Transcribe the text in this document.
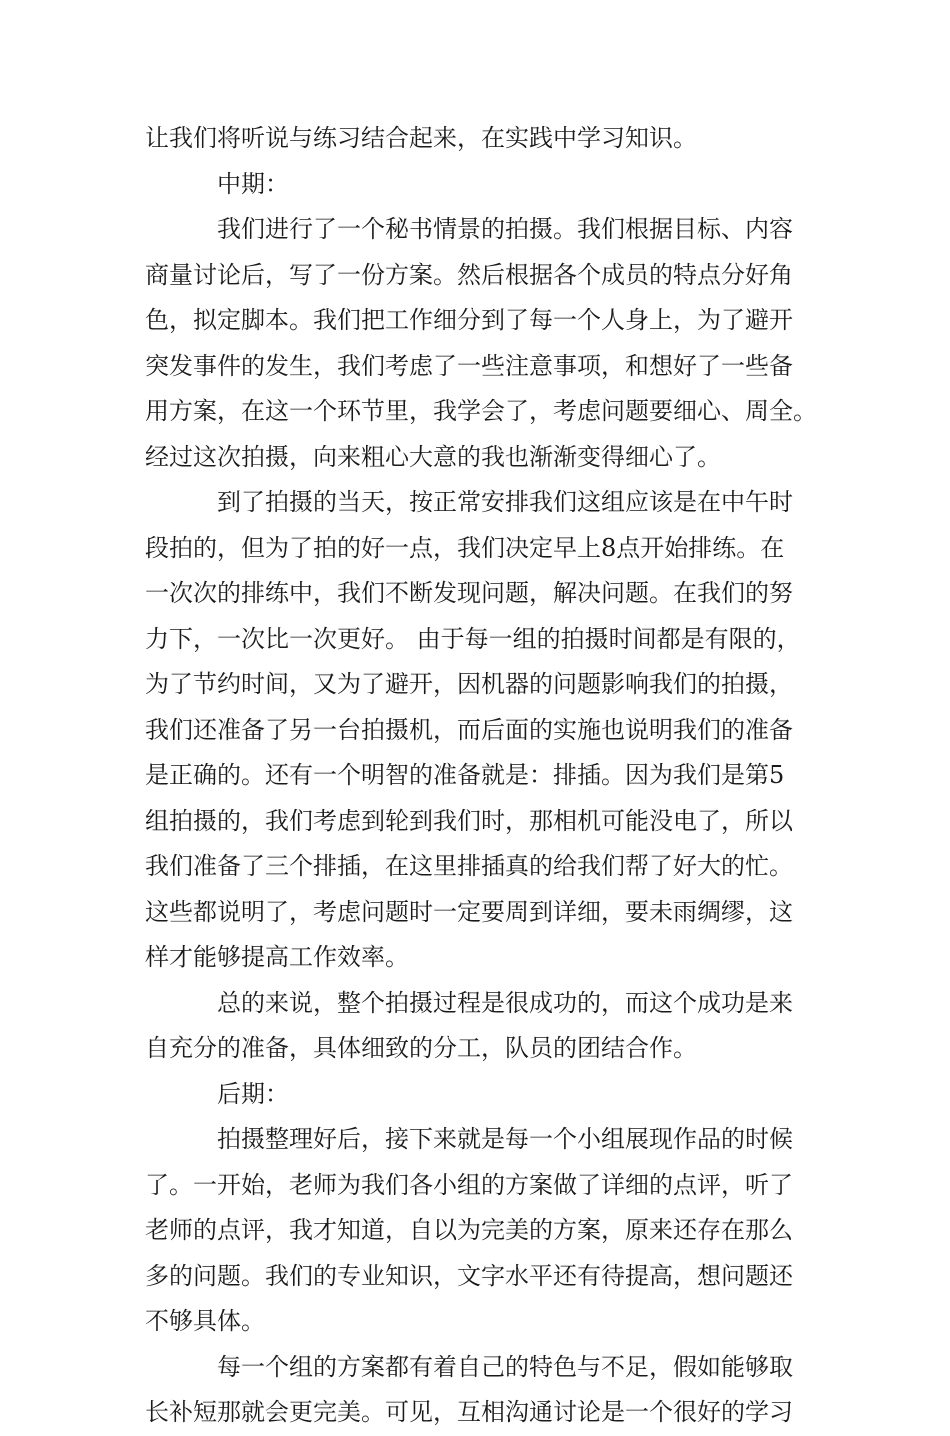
让我们将听说与练习结合起来，在实践中学习知识。
中期：
我们进行了一个秘书情景的拍摄。我们根据目标、内容
商量讨论后，写了一份方案。然后根据各个成员的特点分好角
色，拟定脚本。我们把工作细分到了每一个人身上，为了避开
突发事件的发生，我们考虑了一些注意事项，和想好了一些备
用方案，在这一个环节里，我学会了，考虑问题要细心、周全。
经过这次拍摄，向来粗心大意的我也渐渐变得细心了。
到了拍摄的当天，按正常安排我们这组应该是在中午时
段拍的，但为了拍的好一点，我们决定早上8点开始排练。在
一次次的排练中，我们不断发现问题，解决问题。在我们的努
力下，一次比一次更好。 由于每一组的拍摄时间都是有限的，
为了节约时间，又为了避开，因机器的问题影响我们的拍摄，
我们还准备了另一台拍摄机，而后面的实施也说明我们的准备
是正确的。还有一个明智的准备就是：排插。因为我们是第5
组拍摄的，我们考虑到轮到我们时，那相机可能没电了，所以
我们准备了三个排插，在这里排插真的给我们帮了好大的忙。
这些都说明了，考虑问题时一定要周到详细，要未雨绸缪，这
样才能够提高工作效率。
总的来说，整个拍摄过程是很成功的，而这个成功是来
自充分的准备，具体细致的分工，队员的团结合作。
后期：
拍摄整理好后，接下来就是每一个小组展现作品的时候
了。一开始，老师为我们各小组的方案做了详细的点评，听了
老师的点评，我才知道，自以为完美的方案，原来还存在那么
多的问题。我们的专业知识，文字水平还有待提高，想问题还
不够具体。
每一个组的方案都有着自己的特色与不足，假如能够取
长补短那就会更完美。可见，互相沟通讨论是一个很好的学习
